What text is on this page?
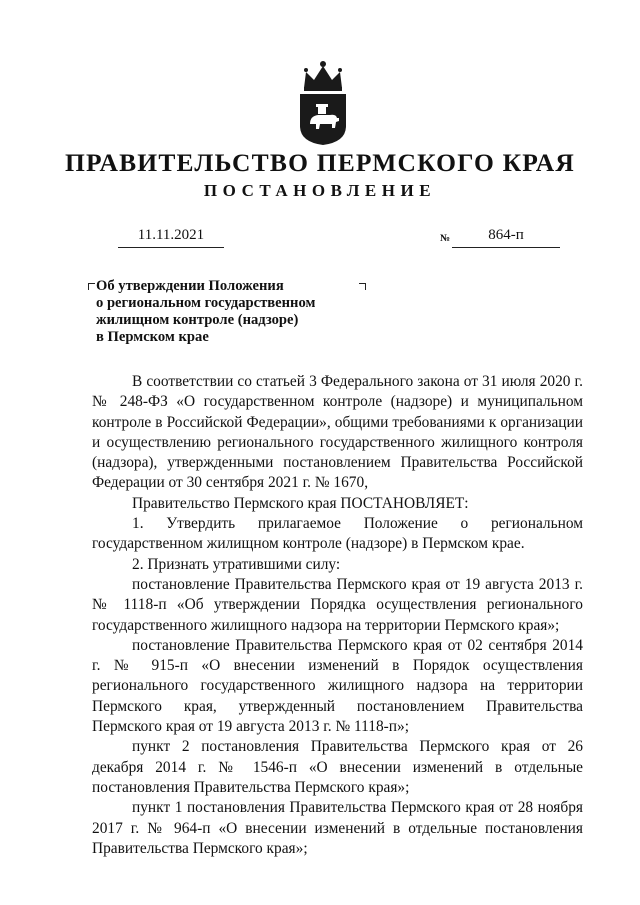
ПРАВИТЕЛЬСТВО ПЕРМСКОГО КРАЯ
ПОСТАНОВЛЕНИЕ
11.11.2021	№	864-п
Об утверждении Положения
о региональном государственном
жилищном контроле (надзоре)
в Пермском крае

В соответствии со статьей 3 Федерального закона от 31 июля 2020 г. № 248-ФЗ «О государственном контроле (надзоре) и муниципальном контроле в Российской Федерации», общими требованиями к организации и осуществлению регионального государственного жилищного контроля (надзора), утвержденными постановлением Правительства Российской Федерации от 30 сентября 2021 г. № 1670,

Правительство Пермского края ПОСТАНОВЛЯЕТ:

1. Утвердить прилагаемое Положение о региональном государственном жилищном контроле (надзоре) в Пермском крае.

2. Признать утратившими силу:

постановление Правительства Пермского края от 19 августа 2013 г. № 1118-п «Об утверждении Порядка осуществления регионального государственного жилищного надзора на территории Пермского края»;

постановление Правительства Пермского края от 02 сентября 2014 г. № 915-п «О внесении изменений в Порядок осуществления регионального государственного жилищного надзора на территории Пермского края, утвержденный постановлением Правительства Пермского края от 19 августа 2013 г. № 1118-п»;

пункт 2 постановления Правительства Пермского края от 26 декабря 2014 г. № 1546-п «О внесении изменений в отдельные постановления Правительства Пермского края»;

пункт 1 постановления Правительства Пермского края от 28 ноября 2017 г. № 964-п «О внесении изменений в отдельные постановления Правительства Пермского края»;
